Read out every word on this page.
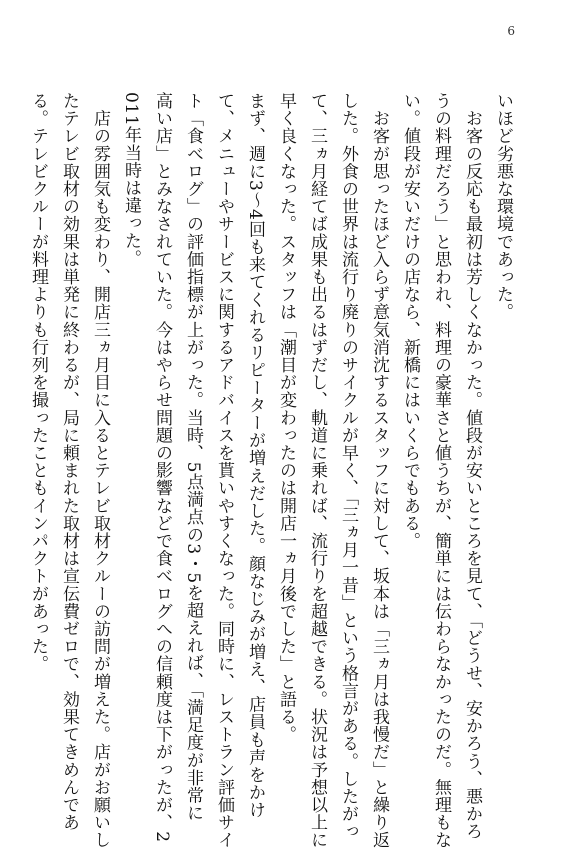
6

いほど劣悪な環境であった。

　お客の反応も最初は芳しくなかった。値段が安いところを見て、「どうせ、安かろう、悪かろ

うの料理だろう」と思われ、料理の豪華さと値うちが、簡単には伝わらなかったのだ。無理もな

い。値段が安いだけの店なら、新橋にはいくらでもある。

　お客が思ったほど入らず意気消沈するスタッフに対して、坂本は「三ヵ月は我慢だ」と繰り返

した。外食の世界は流行り廃りのサイクルが早く、「三ヵ月一昔」という格言がある。したがっ

て、三ヵ月経てば成果も出るはずだし、軌道に乗れば、流行りを超越できる。状況は予想以上に

早く良くなった。スタッフは「潮目が変わったのは開店一ヵ月後でした」と語る。

まず、週に3～4回も来てくれるリピーターが増えだした。顔なじみが増え、店員も声をかけ

て、メニューやサービスに関するアドバイスを貰いやすくなった。同時に、レストラン評価サイ

ト「食べログ」の評価指標が上がった。当時、5点満点の3・5を超えれば、「満足度が非常に

高い店」とみなされていた。今はやらせ問題の影響などで食べログへの信頼度は下がったが、2

011年当時は違った。

　店の雰囲気も変わり、開店三ヵ月目に入るとテレビ取材クルーの訪問が増えた。店がお願いし

たテレビ取材の効果は単発に終わるが、局に頼まれた取材は宣伝費ゼロで、効果てきめんであ

る。テレビクルーが料理よりも行列を撮ったこともインパクトがあった。
